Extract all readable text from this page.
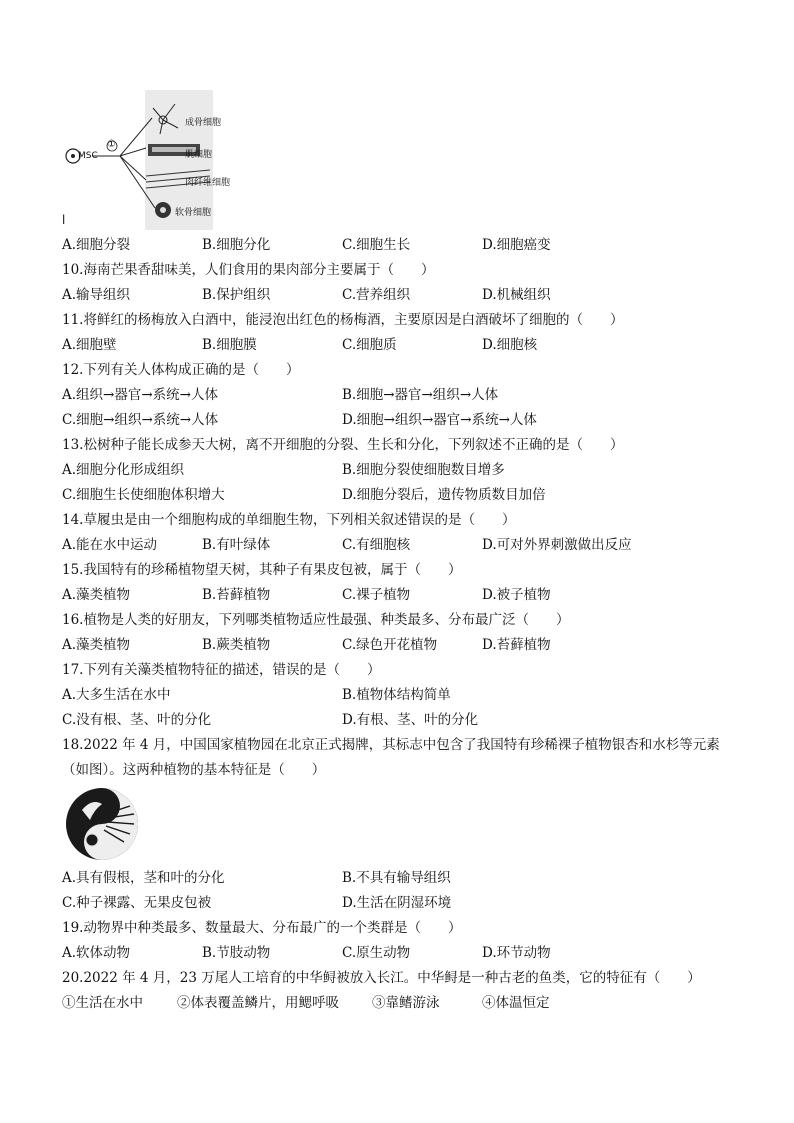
MSC
①
成骨细胞
肌细胞
肉纤维细胞
软骨细胞
l
A.细胞分裂	B.细胞分化	C.细胞生长	D.细胞癌变
10.海南芒果香甜味美，人们食用的果肉部分主要属于（　　）
A.输导组织	B.保护组织	C.营养组织	D.机械组织
11.将鲜红的杨梅放入白酒中，能浸泡出红色的杨梅酒，主要原因是白酒破坏了细胞的（　　）
A.细胞壁	B.细胞膜	C.细胞质	D.细胞核
12.下列有关人体构成正确的是（　　）
A.组织→器官→系统→人体	B.细胞→器官→组织→人体
C.细胞→组织→系统→人体	D.细胞→组织→器官→系统→人体
13.松树种子能长成参天大树，离不开细胞的分裂、生长和分化，下列叙述不正确的是（　　）
A.细胞分化形成组织	B.细胞分裂使细胞数目增多
C.细胞生长使细胞体积增大	D.细胞分裂后，遗传物质数目加倍
14.草履虫是由一个细胞构成的单细胞生物，下列相关叙述错误的是（　　）
A.能在水中运动	B.有叶绿体	C.有细胞核	D.可对外界刺激做出反应
15.我国特有的珍稀植物望天树，其种子有果皮包被，属于（　　）
A.藻类植物	B.苔藓植物	C.裸子植物	D.被子植物
16.植物是人类的好朋友，下列哪类植物适应性最强、种类最多、分布最广泛（　　）
A.藻类植物	B.蕨类植物	C.绿色开花植物	D.苔藓植物
17.下列有关藻类植物特征的描述，错误的是（　　）
A.大多生活在水中	B.植物体结构简单
C.没有根、茎、叶的分化	D.有根、茎、叶的分化
18.2022 年 4 月，中国国家植物园在北京正式揭牌，其标志中包含了我国特有珍稀裸子植物银杏和水杉等元素
（如图）。这两种植物的基本特征是（　　）
A.具有假根，茎和叶的分化	B.不具有输导组织
C.种子裸露、无果皮包被	D.生活在阴湿环境
19.动物界中种类最多、数量最大、分布最广的一个类群是（　　）
A.软体动物	B.节肢动物	C.原生动物	D.环节动物
20.2022 年 4 月，23 万尾人工培育的中华鲟被放入长江。中华鲟是一种古老的鱼类，它的特征有（　　）
①生活在水中	②体表覆盖鳞片，用鳃呼吸 ③靠鳍游泳	④体温恒定
